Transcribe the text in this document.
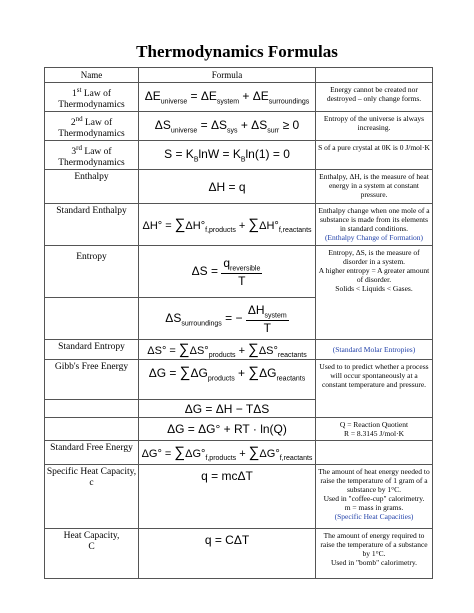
Thermodynamics Formulas
Name	Formula	
1st Law of Thermodynamics	$\Delta E_{universe} = \Delta E_{system} + \Delta E_{surroundings}$	Energy cannot be created nor destroyed – only change forms.
2nd Law of Thermodynamics	$\Delta S_{universe} = \Delta S_{sys} + \Delta S_{surr} \ge 0$	Entropy of the universe is always increasing.
3rd Law of Thermodynamics	$S = K_B\ln W = K_B\ln(1) = 0$	S of a pure crystal at 0K is 0 J/mol·K
Enthalpy	ΔH = q	Enthalpy, ΔH, is the measure of heat energy in a system at constant pressure.
Standard Enthalpy	$\Delta H^\circ = \sum\Delta H^\circ_{f,products} + \sum\Delta H^\circ_{f,reactants}$	Enthalpy change when one mole of a substance is made from its elements in standard conditions.
(Enthalpy Change of Formation)
Entropy	$\Delta S = \frac{q_{reversible}}{T}$	Entropy, ΔS, is the measure of disorder in a system.
A higher entropy = A greater amount of disorder.
Solids < Liquids < Gases.
	$\Delta S_{surroundings}$ = − $\frac{\Delta H_{system}}{T}$

Standard Entropy	$\Delta S^\circ = \sum\Delta S^\circ_{products} + \sum\Delta S^\circ_{reactants}$	(Standard Molar Entropies)
Gibb's Free Energy	$\Delta G = \sum\Delta G_{products} + \sum\Delta G_{reactants}$	Used to to predict whether a process will occur spontaneously at a constant temperature and pressure.
	ΔG = ΔH − TΔS	
	ΔG = ΔG° + RT · ln(Q)	Q = Reaction Quotient
R = 8.3145 J/mol·K
Standard Free Energy	$\Delta G^\circ = \sum\Delta G^\circ_{f,products} + \sum\Delta G^\circ_{f,reactants}$	
Specific Heat Capacity,
c	q = mcΔT	The amount of heat energy needed to raise the temperature of 1 gram of a substance by 1°C.
Used in "coffee-cup" calorimetry.
m = mass in grams.
(Specific Heat Capacities)
Heat Capacity,
C	q = CΔT	The amount of energy required to raise the temperature of a substance by 1°C.
Used in "bomb" calorimetry.
